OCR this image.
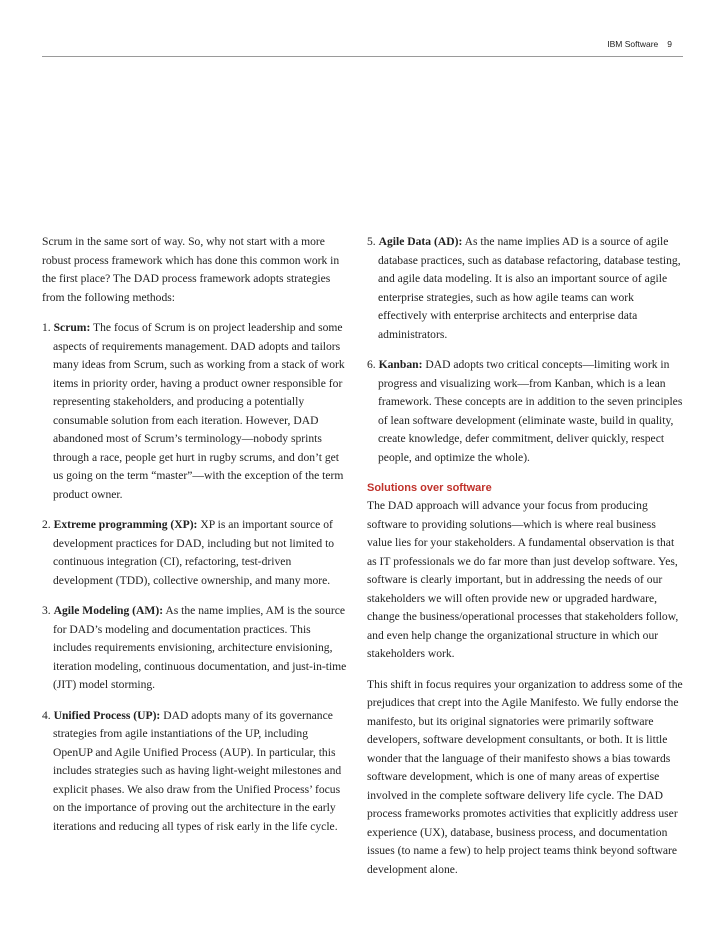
IBM Software 9

Scrum in the same sort of way. So, why not start with a more robust process framework which has done this common work in the first place? The DAD process framework adopts strategies from the following methods:

1. Scrum: The focus of Scrum is on project leadership and some aspects of requirements management. DAD adopts and tailors many ideas from Scrum, such as working from a stack of work items in priority order, having a product owner responsible for representing stakeholders, and producing a potentially consumable solution from each iteration. However, DAD abandoned most of Scrum’s terminology—nobody sprints through a race, people get hurt in rugby scrums, and don’t get us going on the term “master”—with the exception of the term product owner.

2. Extreme programming (XP): XP is an important source of development practices for DAD, including but not limited to continuous integration (CI), refactoring, test-driven development (TDD), collective ownership, and many more.

3. Agile Modeling (AM): As the name implies, AM is the source for DAD’s modeling and documentation practices. This includes requirements envisioning, architecture envisioning, iteration modeling, continuous documentation, and just-in-time (JIT) model storming.

4. Unified Process (UP): DAD adopts many of its governance strategies from agile instantiations of the UP, including OpenUP and Agile Unified Process (AUP). In particular, this includes strategies such as having light-weight milestones and explicit phases. We also draw from the Unified Process’ focus on the importance of proving out the architecture in the early iterations and reducing all types of risk early in the life cycle.

5. Agile Data (AD): As the name implies AD is a source of agile database practices, such as database refactoring, database testing, and agile data modeling. It is also an important source of agile enterprise strategies, such as how agile teams can work effectively with enterprise architects and enterprise data administrators.

6. Kanban: DAD adopts two critical concepts—limiting work in progress and visualizing work—from Kanban, which is a lean framework. These concepts are in addition to the seven principles of lean software development (eliminate waste, build in quality, create knowledge, defer commitment, deliver quickly, respect people, and optimize the whole).

Solutions over software

The DAD approach will advance your focus from producing software to providing solutions—which is where real business value lies for your stakeholders. A fundamental observation is that as IT professionals we do far more than just develop software. Yes, software is clearly important, but in addressing the needs of our stakeholders we will often provide new or upgraded hardware, change the business/operational processes that stakeholders follow, and even help change the organizational structure in which our stakeholders work.

This shift in focus requires your organization to address some of the prejudices that crept into the Agile Manifesto. We fully endorse the manifesto, but its original signatories were primarily software developers, software development consultants, or both. It is little wonder that the language of their manifesto shows a bias towards software development, which is one of many areas of expertise involved in the complete software delivery life cycle. The DAD process frameworks promotes activities that explicitly address user experience (UX), database, business process, and documentation issues (to name a few) to help project teams think beyond software development alone.
